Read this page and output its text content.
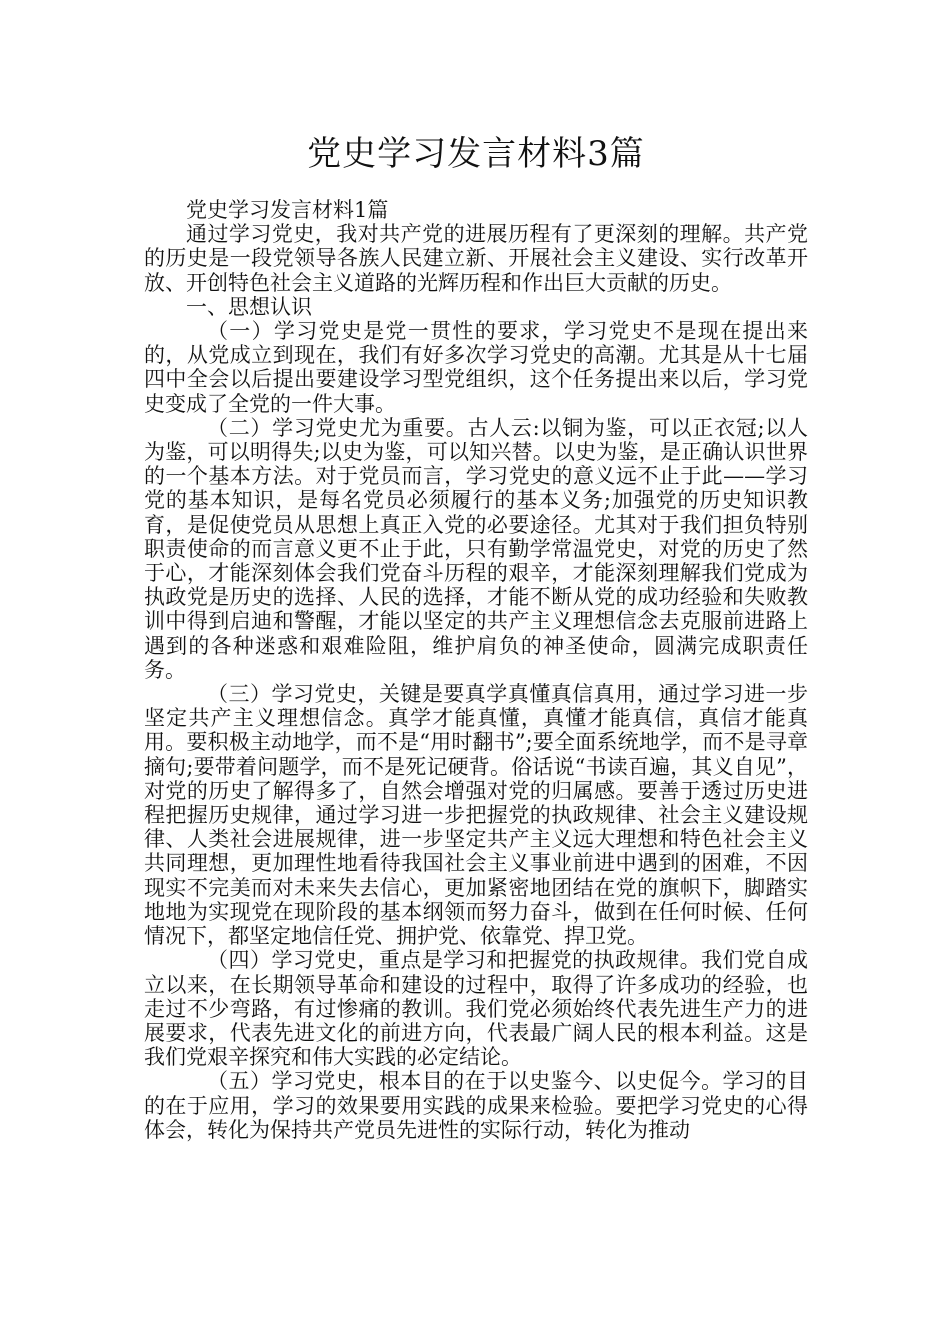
党史学习发言材料3篇

党史学习发言材料1篇

通过学习党史，我对共产党的进展历程有了更深刻的理解。共产党的历史是一段党领导各族人民建立新、开展社会主义建设、实行改革开放、开创特色社会主义道路的光辉历程和作出巨大贡献的历史。

一、思想认识

（一）学习党史是党一贯性的要求，学习党史不是现在提出来的，从党成立到现在，我们有好多次学习党史的高潮。尤其是从十七届四中全会以后提出要建设学习型党组织，这个任务提出来以后，学习党史变成了全党的一件大事。

（二）学习党史尤为重要。古人云:以铜为鉴，可以正衣冠;以人为鉴，可以明得失;以史为鉴，可以知兴替。以史为鉴，是正确认识世界的一个基本方法。对于党员而言，学习党史的意义远不止于此——学习党的基本知识，是每名党员必须履行的基本义务;加强党的历史知识教育，是促使党员从思想上真正入党的必要途径。尤其对于我们担负特别职责使命的而言意义更不止于此，只有勤学常温党史，对党的历史了然于心，才能深刻体会我们党奋斗历程的艰辛，才能深刻理解我们党成为执政党是历史的选择、人民的选择，才能不断从党的成功经验和失败教训中得到启迪和警醒，才能以坚定的共产主义理想信念去克服前进路上遇到的各种迷惑和艰难险阻，维护肩负的神圣使命，圆满完成职责任务。

（三）学习党史，关键是要真学真懂真信真用，通过学习进一步坚定共产主义理想信念。真学才能真懂，真懂才能真信，真信才能真用。要积极主动地学，而不是“用时翻书”;要全面系统地学，而不是寻章摘句;要带着问题学，而不是死记硬背。俗话说“书读百遍，其义自见”，对党的历史了解得多了，自然会增强对党的归属感。要善于透过历史进程把握历史规律，通过学习进一步把握党的执政规律、社会主义建设规律、人类社会进展规律，进一步坚定共产主义远大理想和特色社会主义共同理想，更加理性地看待我国社会主义事业前进中遇到的困难，不因现实不完美而对未来失去信心，更加紧密地团结在党的旗帜下，脚踏实地地为实现党在现阶段的基本纲领而努力奋斗，做到在任何时候、任何情况下，都坚定地信任党、拥护党、依靠党、捍卫党。

（四）学习党史，重点是学习和把握党的执政规律。我们党自成立以来，在长期领导革命和建设的过程中，取得了许多成功的经验，也走过不少弯路，有过惨痛的教训。我们党必须始终代表先进生产力的进展要求，代表先进文化的前进方向，代表最广阔人民的根本利益。这是我们党艰辛探究和伟大实践的必定结论。

（五）学习党史，根本目的在于以史鉴今、以史促今。学习的目的在于应用，学习的效果要用实践的成果来检验。要把学习党史的心得体会，转化为保持共产党员先进性的实际行动，转化为推动
